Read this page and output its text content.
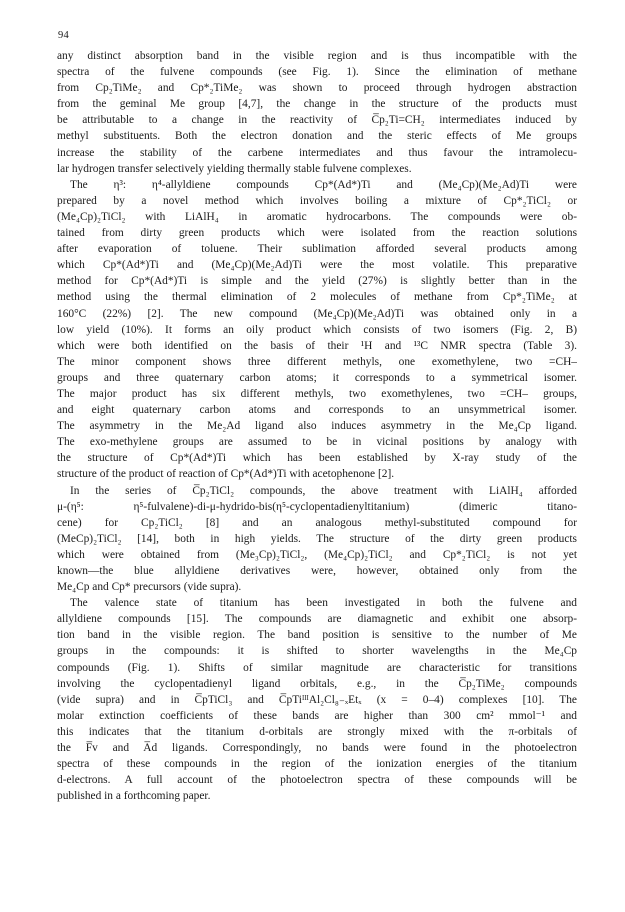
94
any distinct absorption band in the visible region and is thus incompatible with the
spectra of the fulvene compounds (see Fig. 1). Since the elimination of methane
from Cp₂TiMe₂ and Cp*₂TiMe₂ was shown to proceed through hydrogen abstraction
from the geminal Me group [4,7], the change in the structure of the products must
be attributable to a change in the reactivity of C̅p₂Ti=CH₂ intermediates induced by
methyl substituents. Both the electron donation and the steric effects of Me groups
increase the stability of the carbene intermediates and thus favour the intramolecu-
lar hydrogen transfer selectively yielding thermally stable fulvene complexes.
The η³: η⁴-allyldiene compounds Cp*(Ad*)Ti and (Me₄Cp)(Me₂Ad)Ti were
prepared by a novel method which involves boiling a mixture of Cp*₂TiCl₂ or
(Me₄Cp)₂TiCl₂ with LiAlH₄ in aromatic hydrocarbons. The compounds were ob-
tained from dirty green products which were isolated from the reaction solutions
after evaporation of toluene. Their sublimation afforded several products among
which Cp*(Ad*)Ti and (Me₄Cp)(Me₂Ad)Ti were the most volatile. This preparative
method for Cp*(Ad*)Ti is simple and the yield (27%) is slightly better than in the
method using the thermal elimination of 2 molecules of methane from Cp*₂TiMe₂ at
160°C (22%) [2]. The new compound (Me₄Cp)(Me₂Ad)Ti was obtained only in a
low yield (10%). It forms an oily product which consists of two isomers (Fig. 2, B)
which were both identified on the basis of their ¹H and ¹³C NMR spectra (Table 3).
The minor component shows three different methyls, one exomethylene, two =CH–
groups and three quaternary carbon atoms; it corresponds to a symmetrical isomer.
The major product has six different methyls, two exomethylenes, two =CH– groups,
and eight quaternary carbon atoms and corresponds to an unsymmetrical isomer.
The asymmetry in the Me₂Ad ligand also induces asymmetry in the Me₄Cp ligand.
The exo-methylene groups are assumed to be in vicinal positions by analogy with
the structure of Cp*(Ad*)Ti which has been established by X-ray study of the
structure of the product of reaction of Cp*(Ad*)Ti with acetophenone [2].
In the series of C̅p₂TiCl₂ compounds, the above treatment with LiAlH₄ afforded
μ-(η⁵: η⁵-fulvalene)-di-μ-hydrido-bis(η⁵-cyclopentadienyltitanium) (dimeric titano-
cene) for Cp₂TiCl₂ [8] and an analogous methyl-substituted compound for
(MeCp)₂TiCl₂ [14], both in high yields. The structure of the dirty green products
which were obtained from (Me₃Cp)₂TiCl₂, (Me₄Cp)₂TiCl₂ and Cp*₂TiCl₂ is not yet
known—the blue allyldiene derivatives were, however, obtained only from the
Me₄Cp and Cp* precursors (vide supra).
The valence state of titanium has been investigated in both the fulvene and
allyldiene compounds [15]. The compounds are diamagnetic and exhibit one absorp-
tion band in the visible region. The band position is sensitive to the number of Me
groups in the compounds: it is shifted to shorter wavelengths in the Me₄Cp
compounds (Fig. 1). Shifts of similar magnitude are characteristic for transitions
involving the cyclopentadienyl ligand orbitals, e.g., in the C̅p₂TiMe₂ compounds
(vide supra) and in C̅pTiCl₃ and C̅pTiᴵᴵᴵAl₂Cl₈₋ₓEtₓ (x = 0–4) complexes [10]. The
molar extinction coefficients of these bands are higher than 300 cm² mmol⁻¹ and
this indicates that the titanium d-orbitals are strongly mixed with the π-orbitals of
the F̅v and A̅d ligands. Correspondingly, no bands were found in the photoelectron
spectra of these compounds in the region of the ionization energies of the titanium
d-electrons. A full account of the photoelectron spectra of these compounds will be
published in a forthcoming paper.
